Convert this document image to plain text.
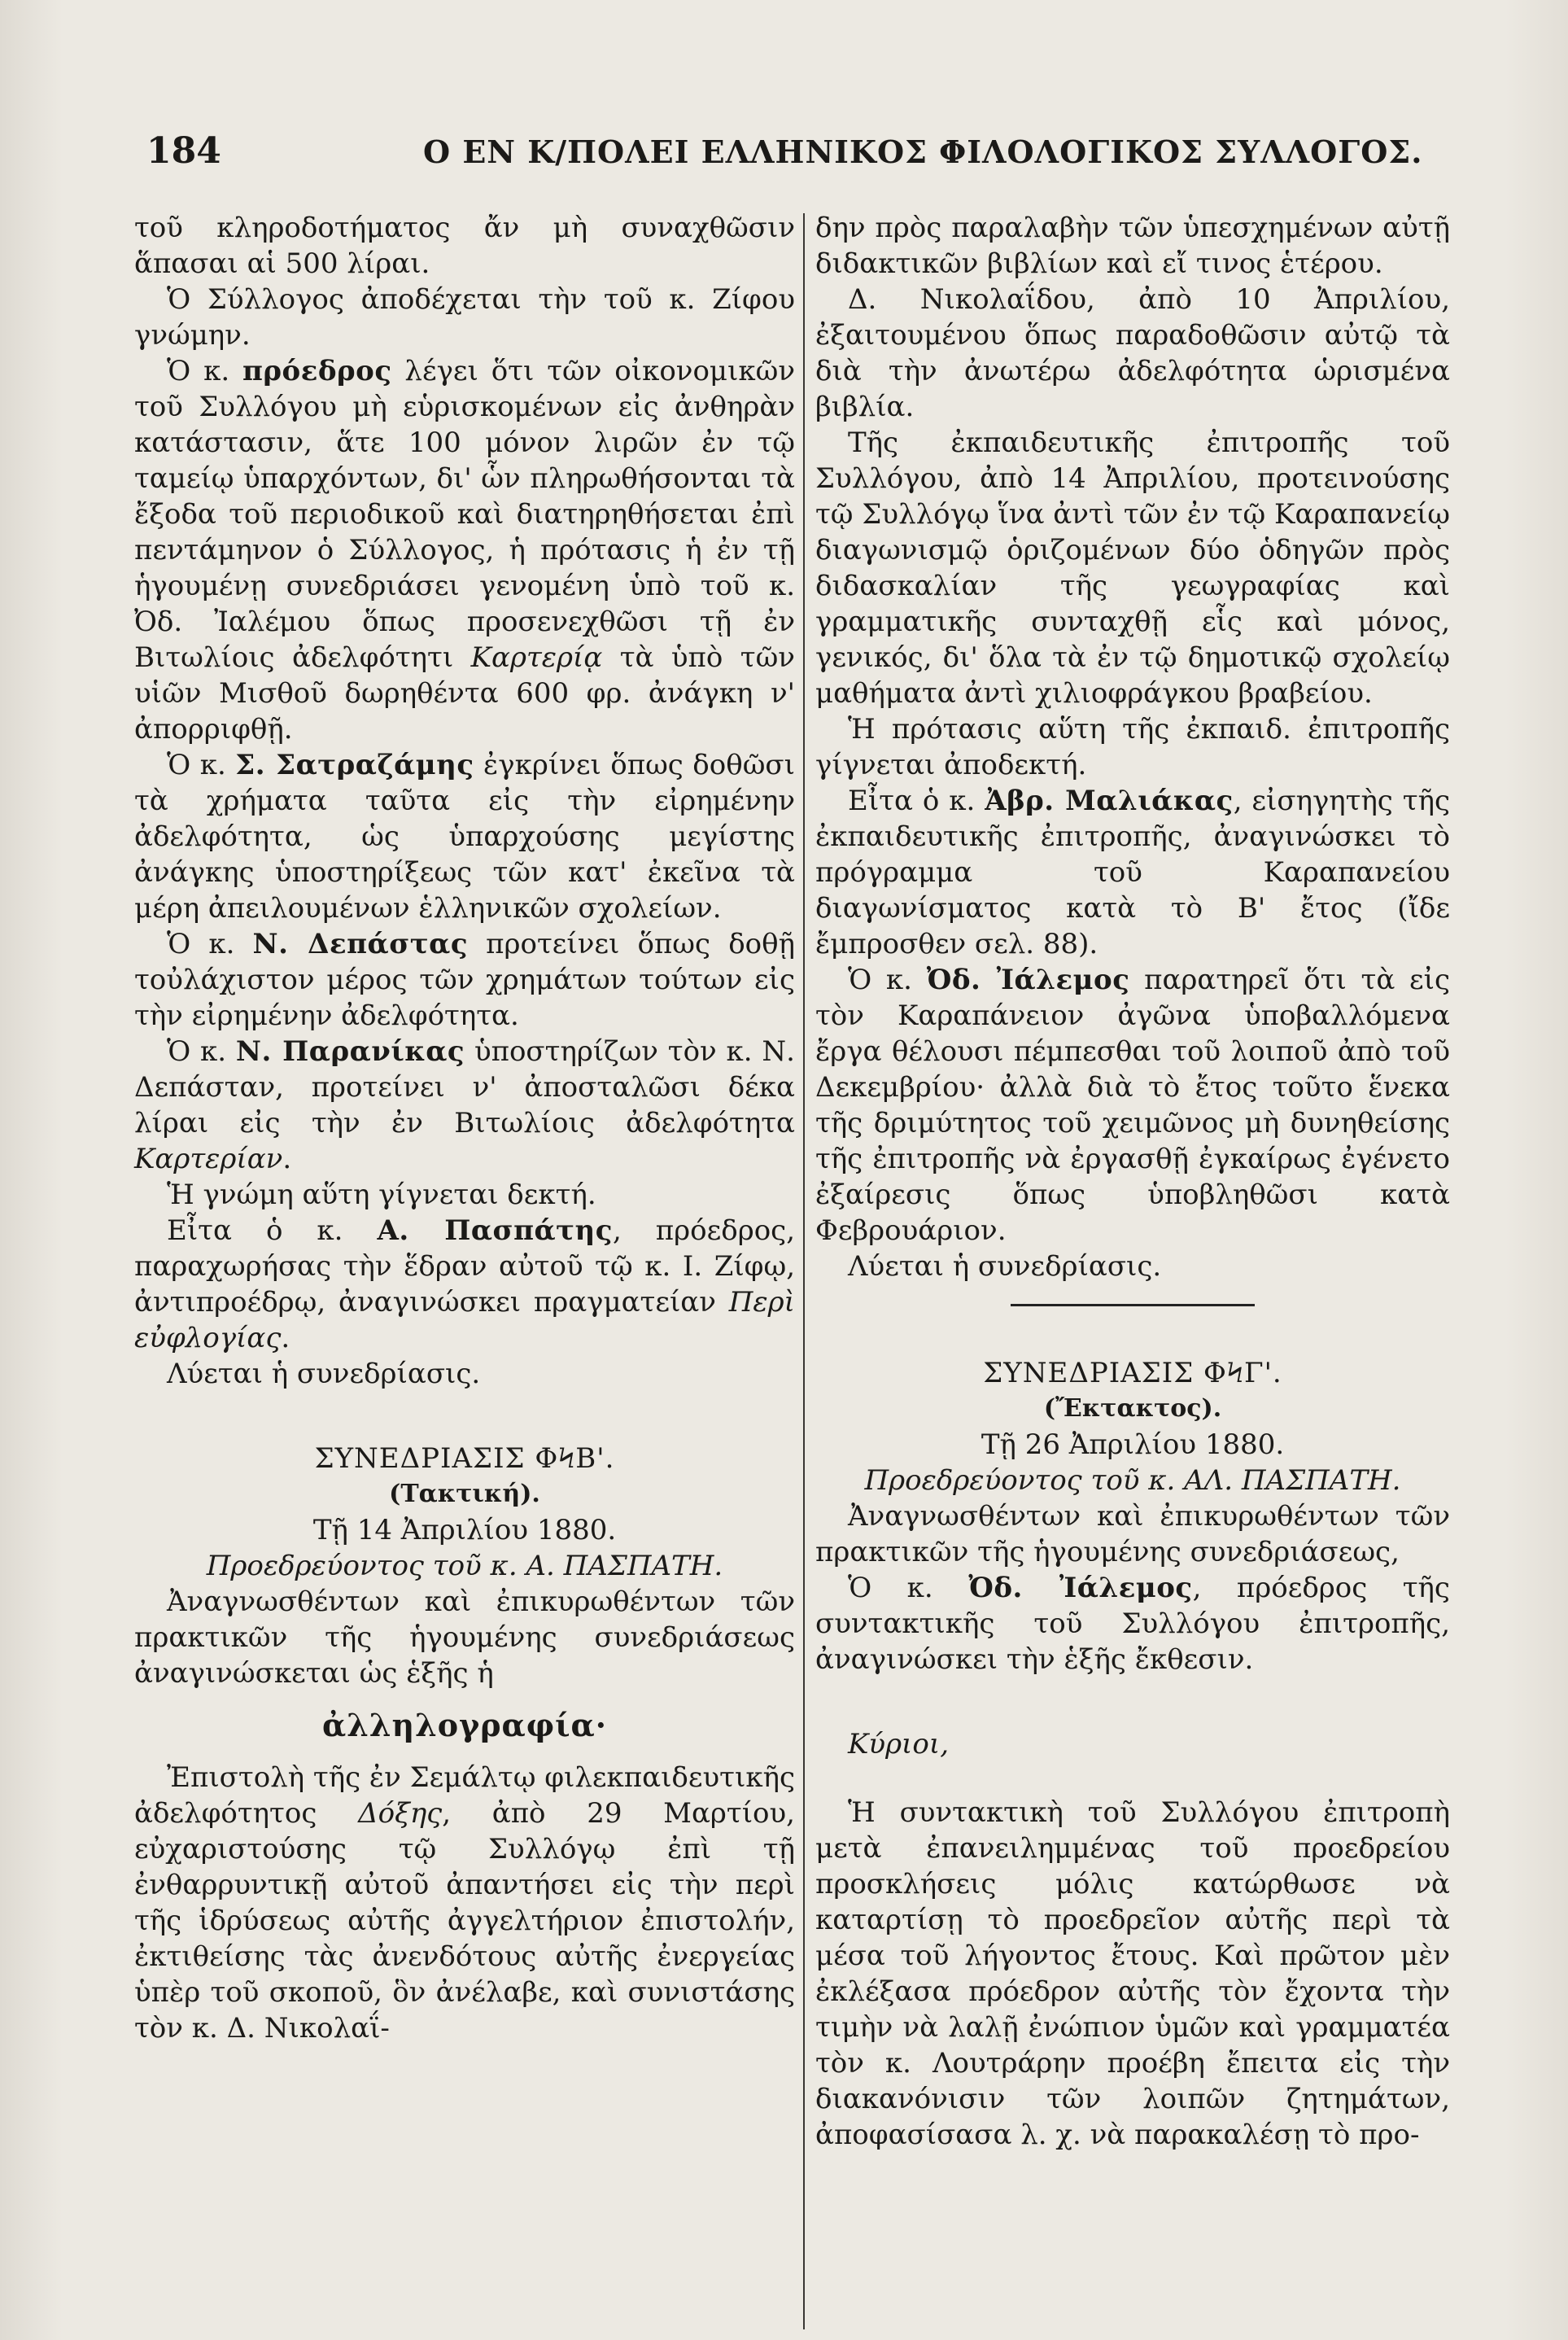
184	Ο ΕΝ Κ/ΠΟΛΕΙ ΕΛΛΗΝΙΚΟΣ ΦΙΛΟΛΟΓΙΚΟΣ ΣΥΛΛΟΓΟΣ.

τοῦ κληροδοτήματος ἄν μὴ συναχθῶσιν ἅπασαι αἱ 500 λίραι.

Ὁ Σύλλογος ἀποδέχεται τὴν τοῦ κ. Ζίφου γνώμην.

Ὁ κ. πρόεδρος λέγει ὅτι τῶν οἰκονομικῶν τοῦ Συλλόγου μὴ εὑρισκομένων εἰς ἀνθηρὰν κατάστασιν, ἅτε 100 μόνον λιρῶν ἐν τῷ ταμείῳ ὑπαρχόντων, δι' ὧν πληρωθήσονται τὰ ἔξοδα τοῦ περιοδικοῦ καὶ διατηρηθήσεται ἐπὶ πεντάμηνον ὁ Σύλλογος, ἡ πρότασις ἡ ἐν τῇ ἡγουμένῃ συνεδριάσει γενομένη ὑπὸ τοῦ κ. Ὀδ. Ἰαλέμου ὅπως προσενεχθῶσι τῇ ἐν Βιτωλίοις ἀδελφότητι Καρτερίᾳ τὰ ὑπὸ τῶν υἱῶν Μισθοῦ δωρηθέντα 600 φρ. ἀνάγκη ν' ἀπορριφθῇ.

Ὁ κ. Σ. Σατραζάμης ἐγκρίνει ὅπως δοθῶσι τὰ χρήματα ταῦτα εἰς τὴν εἰρημένην ἀδελφότητα, ὡς ὑπαρχούσης μεγίστης ἀνάγκης ὑποστηρίξεως τῶν κατ' ἐκεῖνα τὰ μέρη ἀπειλουμένων ἑλληνικῶν σχολείων.

Ὁ κ. Ν. Δεπάστας προτείνει ὅπως δοθῇ τοὐλάχιστον μέρος τῶν χρημάτων τούτων εἰς τὴν εἰρημένην ἀδελφότητα.

Ὁ κ. Ν. Παρανίκας ὑποστηρίζων τὸν κ. Ν. Δεπάσταν, προτείνει ν' ἀποσταλῶσι δέκα λίραι εἰς τὴν ἐν Βιτωλίοις ἀδελφότητα Καρτερίαν.

Ἡ γνώμη αὕτη γίγνεται δεκτή.

Εἶτα ὁ κ. Α. Πασπάτης, πρόεδρος, παραχωρήσας τὴν ἕδραν αὐτοῦ τῷ κ. Ι. Ζίφῳ, ἀντιπροέδρῳ, ἀναγινώσκει πραγματείαν Περὶ εὐφλογίας.

Λύεται ἡ συνεδρίασις.

ΣΥΝΕΔΡΙΑΣΙΣ ΦϞΒ'.

(Τακτική).

Τῇ 14 Ἀπριλίου 1880.

Προεδρεύοντος τοῦ κ. Α. ΠΑΣΠΑΤΗ.

Ἀναγνωσθέντων καὶ ἐπικυρωθέντων τῶν πρακτικῶν τῆς ἡγουμένης συνεδριάσεως ἀναγινώσκεται ὡς ἑξῆς ἡ

ἀλληλογραφία·

Ἐπιστολὴ τῆς ἐν Σεμάλτῳ φιλεκπαιδευτικῆς ἀδελφότητος Δόξης, ἀπὸ 29 Μαρτίου, εὐχαριστούσης τῷ Συλλόγῳ ἐπὶ τῇ ἐνθαρρυντικῇ αὐτοῦ ἀπαντήσει εἰς τὴν περὶ τῆς ἱδρύσεως αὐτῆς ἀγγελτήριον ἐπιστολήν, ἐκτιθείσης τὰς ἀνενδότους αὐτῆς ἐνεργείας ὑπὲρ τοῦ σκοποῦ, ὃν ἀνέλαβε, καὶ συνιστάσης τὸν κ. Δ. Νικολαΐ-

δην πρὸς παραλαβὴν τῶν ὑπεσχημένων αὐτῇ διδακτικῶν βιβλίων καὶ εἴ τινος ἑτέρου.

Δ. Νικολαΐδου, ἀπὸ 10 Ἀπριλίου, ἐξαιτουμένου ὅπως παραδοθῶσιν αὐτῷ τὰ διὰ τὴν ἀνωτέρω ἀδελφότητα ὡρισμένα βιβλία.

Τῆς ἐκπαιδευτικῆς ἐπιτροπῆς τοῦ Συλλόγου, ἀπὸ 14 Ἀπριλίου, προτεινούσης τῷ Συλλόγῳ ἵνα ἀντὶ τῶν ἐν τῷ Καραπανείῳ διαγωνισμῷ ὁριζομένων δύο ὁδηγῶν πρὸς διδασκαλίαν τῆς γεωγραφίας καὶ γραμματικῆς συνταχθῇ εἷς καὶ μόνος, γενικός, δι' ὅλα τὰ ἐν τῷ δημοτικῷ σχολείῳ μαθήματα ἀντὶ χιλιοφράγκου βραβείου.

Ἡ πρότασις αὕτη τῆς ἐκπαιδ. ἐπιτροπῆς γίγνεται ἀποδεκτή.

Εἶτα ὁ κ. Ἀβρ. Μαλιάκας, εἰσηγητὴς τῆς ἐκπαιδευτικῆς ἐπιτροπῆς, ἀναγινώσκει τὸ πρόγραμμα τοῦ Καραπανείου διαγωνίσματος κατὰ τὸ Β' ἔτος (ἴδε ἔμπροσθεν σελ. 88).

Ὁ κ. Ὀδ. Ἰάλεμος παρατηρεῖ ὅτι τὰ εἰς τὸν Καραπάνειον ἀγῶνα ὑποβαλλόμενα ἔργα θέλουσι πέμπεσθαι τοῦ λοιποῦ ἀπὸ τοῦ Δεκεμβρίου· ἀλλὰ διὰ τὸ ἔτος τοῦτο ἕνεκα τῆς δριμύτητος τοῦ χειμῶνος μὴ δυνηθείσης τῆς ἐπιτροπῆς νὰ ἐργασθῇ ἐγκαίρως ἐγένετο ἐξαίρεσις ὅπως ὑποβληθῶσι κατὰ Φεβρουάριον.

Λύεται ἡ συνεδρίασις.

ΣΥΝΕΔΡΙΑΣΙΣ ΦϞΓ'.

(Ἔκτακτος).

Τῇ 26 Ἀπριλίου 1880.

Προεδρεύοντος τοῦ κ. ΑΛ. ΠΑΣΠΑΤΗ.

Ἀναγνωσθέντων καὶ ἐπικυρωθέντων τῶν πρακτικῶν τῆς ἡγουμένης συνεδριάσεως,

Ὁ κ. Ὀδ. Ἰάλεμος, πρόεδρος τῆς συντακτικῆς τοῦ Συλλόγου ἐπιτροπῆς, ἀναγινώσκει τὴν ἑξῆς ἔκθεσιν.

Κύριοι,

Ἡ συντακτικὴ τοῦ Συλλόγου ἐπιτροπὴ μετὰ ἐπανειλημμένας τοῦ προεδρείου προσκλήσεις μόλις κατώρθωσε νὰ καταρτίσῃ τὸ προεδρεῖον αὐτῆς περὶ τὰ μέσα τοῦ λήγοντος ἔτους. Καὶ πρῶτον μὲν ἐκλέξασα πρόεδρον αὐτῆς τὸν ἔχοντα τὴν τιμὴν νὰ λαλῇ ἐνώπιον ὑμῶν καὶ γραμματέα τὸν κ. Λουτράρην προέβη ἔπειτα εἰς τὴν διακανόνισιν τῶν λοιπῶν ζητημάτων, ἀποφασίσασα λ. χ. νὰ παρακαλέσῃ τὸ προ-
